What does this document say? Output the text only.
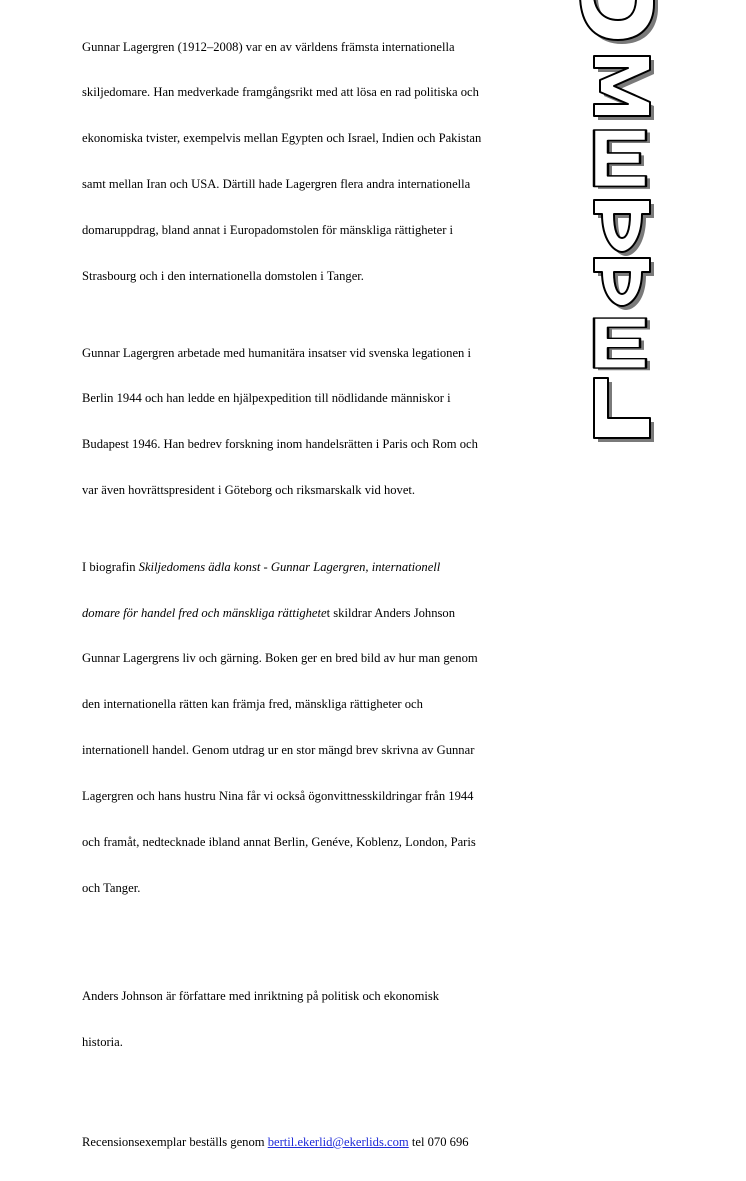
Gunnar Lagergren (1912–2008) var en av världens främsta internationella

skiljedomare. Han medverkade framgångsrikt med att lösa en rad politiska och

ekonomiska tvister, exempelvis mellan Egypten och Israel, Indien och Pakistan

samt mellan Iran och USA. Därtill hade Lagergren flera andra internationella

domaruppdrag, bland annat i Europadomstolen för mänskliga rättigheter i

Strasbourg och i den internationella domstolen i Tanger.

Gunnar Lagergren arbetade med humanitära insatser vid svenska legationen i

Berlin 1944 och han ledde en hjälpexpedition till nödlidande människor i

Budapest 1946. Han bedrev forskning inom handelsrätten i Paris och Rom och

var även hovrättspresident i Göteborg och riksmarskalk vid hovet.

I biografin Skiljedomens ädla konst - Gunnar Lagergren, internationell

domare för handel fred och mänskliga rättighetet skildrar Anders Johnson

Gunnar Lagergrens liv och gärning. Boken ger en bred bild av hur man genom

den internationella rätten kan främja fred, mänskliga rättigheter och

internationell handel. Genom utdrag ur en stor mängd brev skrivna av Gunnar

Lagergren och hans hustru Nina får vi också ögonvittnesskildringar från 1944

och framåt, nedtecknade ibland annat Berlin, Genéve, Koblenz, London, Paris

och Tanger.

Anders Johnson är författare med inriktning på politisk och ekonomisk

historia.

Recensionsexemplar beställs genom bertil.ekerlid@ekerlids.com tel 070 696
